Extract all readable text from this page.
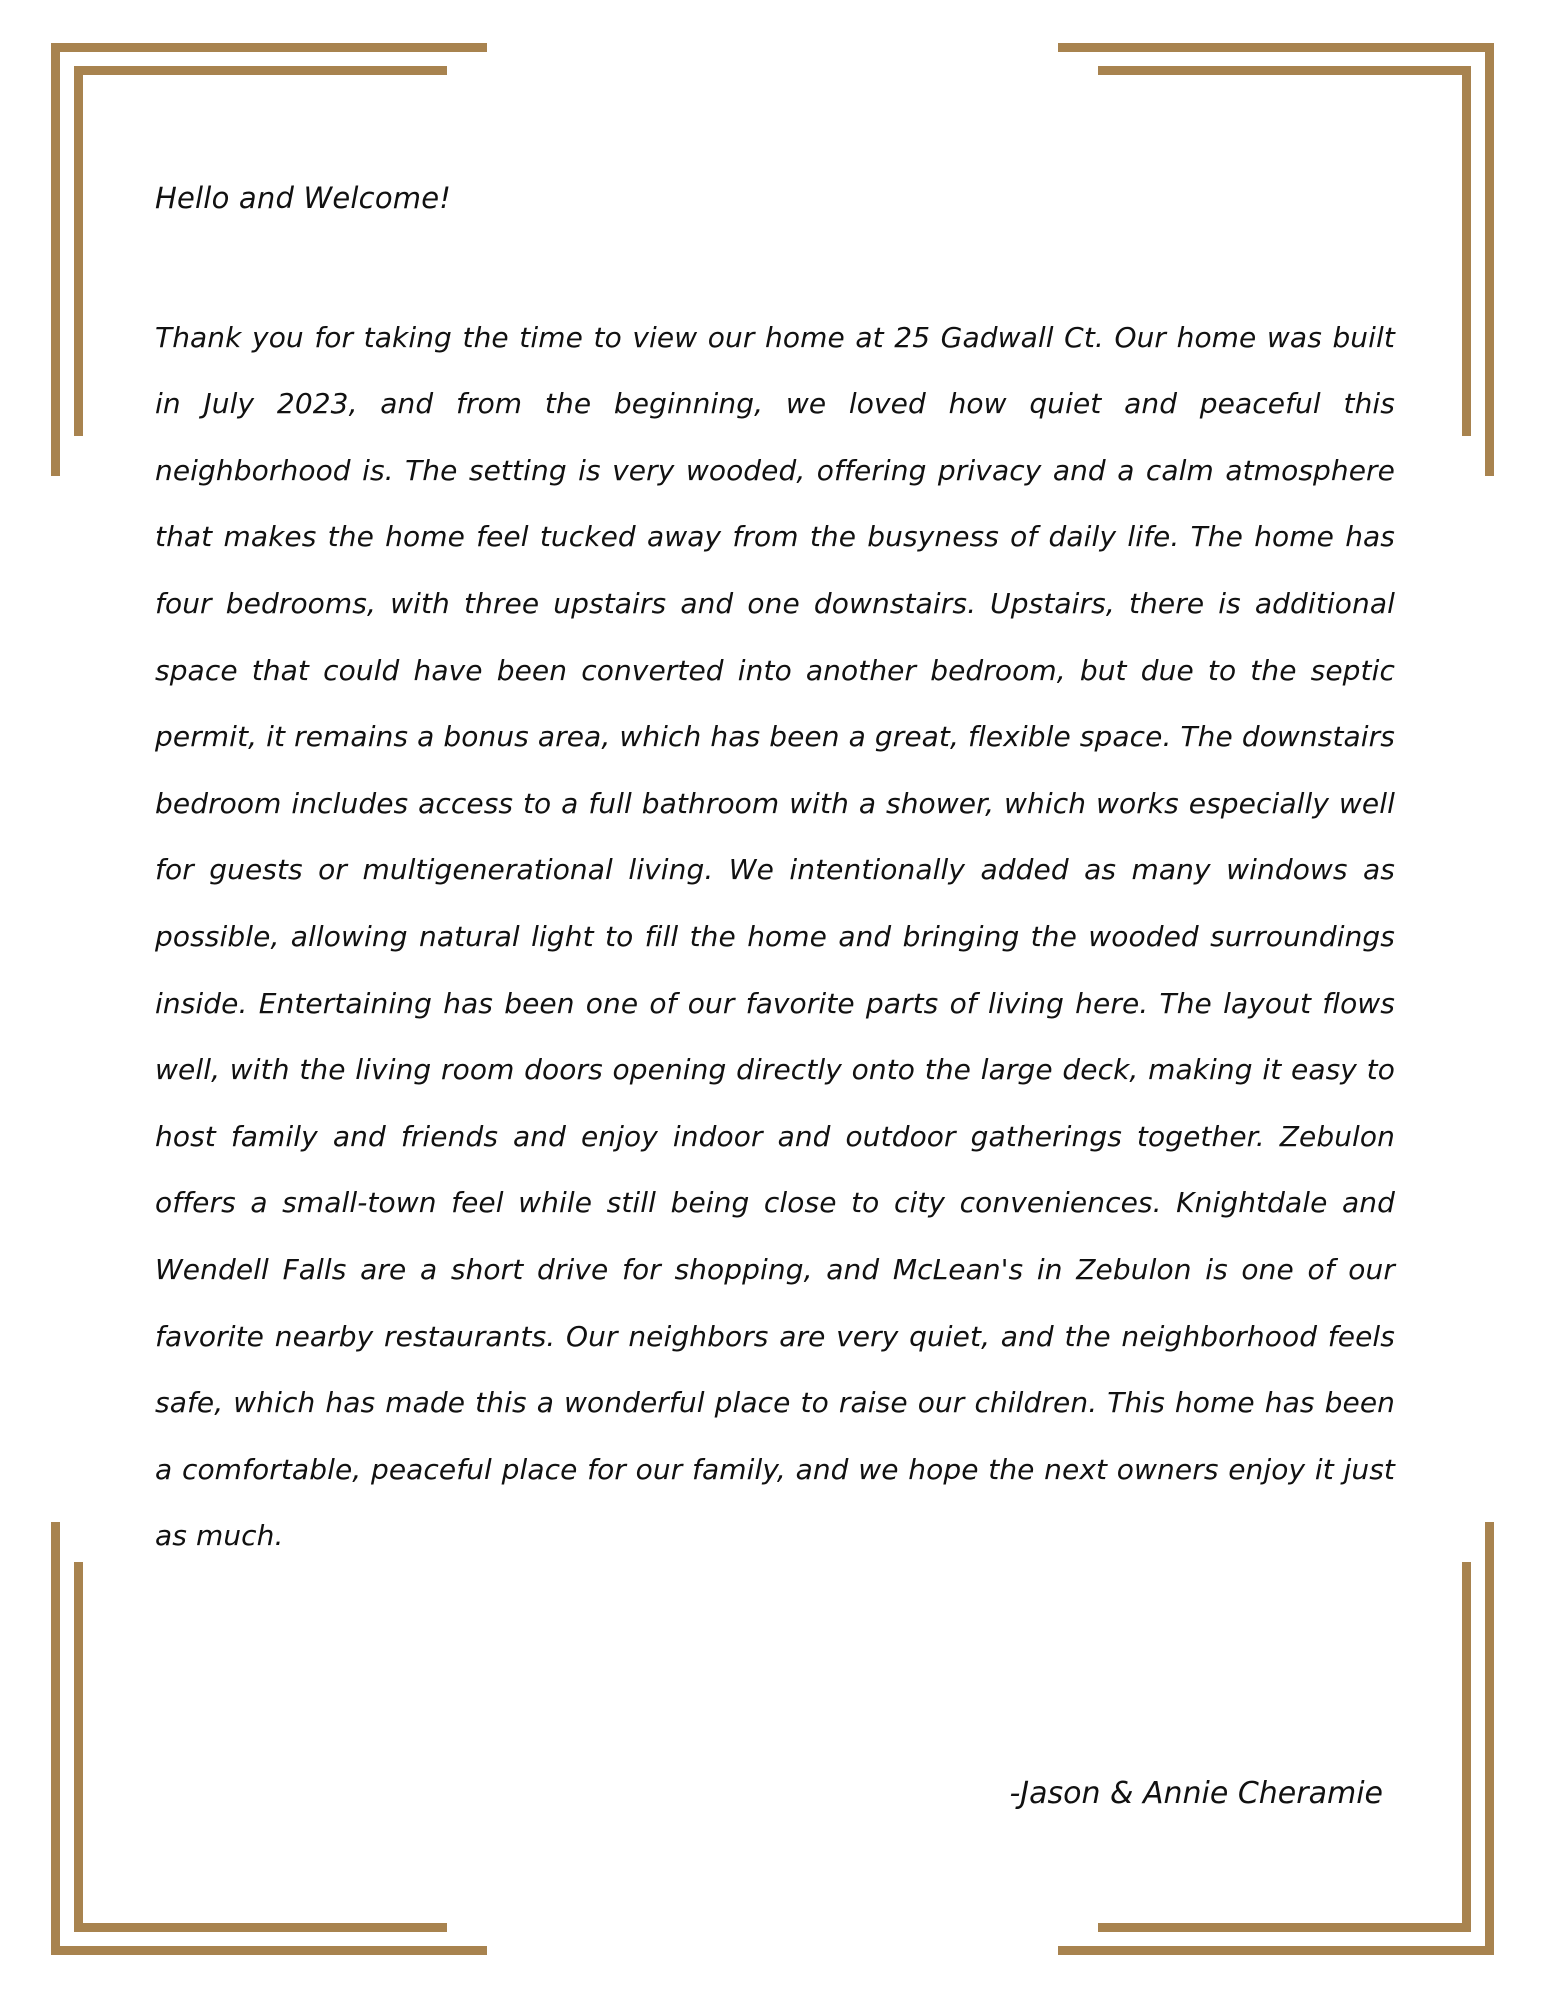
Hello and Welcome!

Thank you for taking the time to view our home at 25 Gadwall Ct. Our home was built in July 2023, and from the beginning, we loved how quiet and peaceful this neighborhood is. The setting is very wooded, offering privacy and a calm atmosphere that makes the home feel tucked away from the busyness of daily life. The home has four bedrooms, with three upstairs and one downstairs. Upstairs, there is additional space that could have been converted into another bedroom, but due to the septic permit, it remains a bonus area, which has been a great, flexible space. The downstairs bedroom includes access to a full bathroom with a shower, which works especially well for guests or multigenerational living. We intentionally added as many windows as possible, allowing natural light to fill the home and bringing the wooded surroundings inside. Entertaining has been one of our favorite parts of living here. The layout flows well, with the living room doors opening directly onto the large deck, making it easy to host family and friends and enjoy indoor and outdoor gatherings together. Zebulon offers a small-town feel while still being close to city conveniences. Knightdale and Wendell Falls are a short drive for shopping, and McLean's in Zebulon is one of our favorite nearby restaurants. Our neighbors are very quiet, and the neighborhood feels safe, which has made this a wonderful place to raise our children. This home has been a comfortable, peaceful place for our family, and we hope the next owners enjoy it just as much.

-Jason & Annie Cheramie
